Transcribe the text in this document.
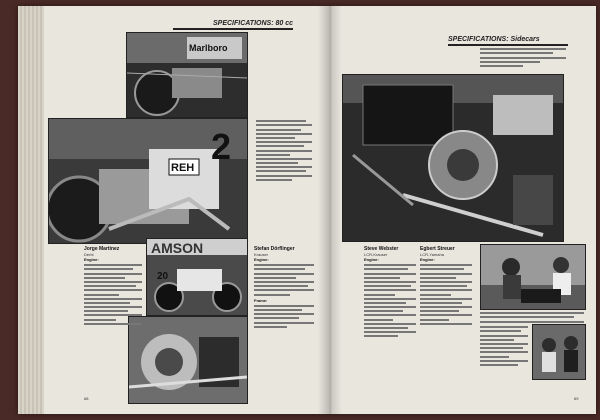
SPECIFICATIONS: 80 cc
Marlboro
2
REH
AMSON
20
Jorge Martinez
Derbi
Engine:
Stefan Dörflinger
Krauser
Engine:
Frame:
68
SPECIFICATIONS: Sidecars
Steve Webster
LCR-Krauser
Engine:
Egbert Streuer
LCR-Yamaha
Engine:
69
